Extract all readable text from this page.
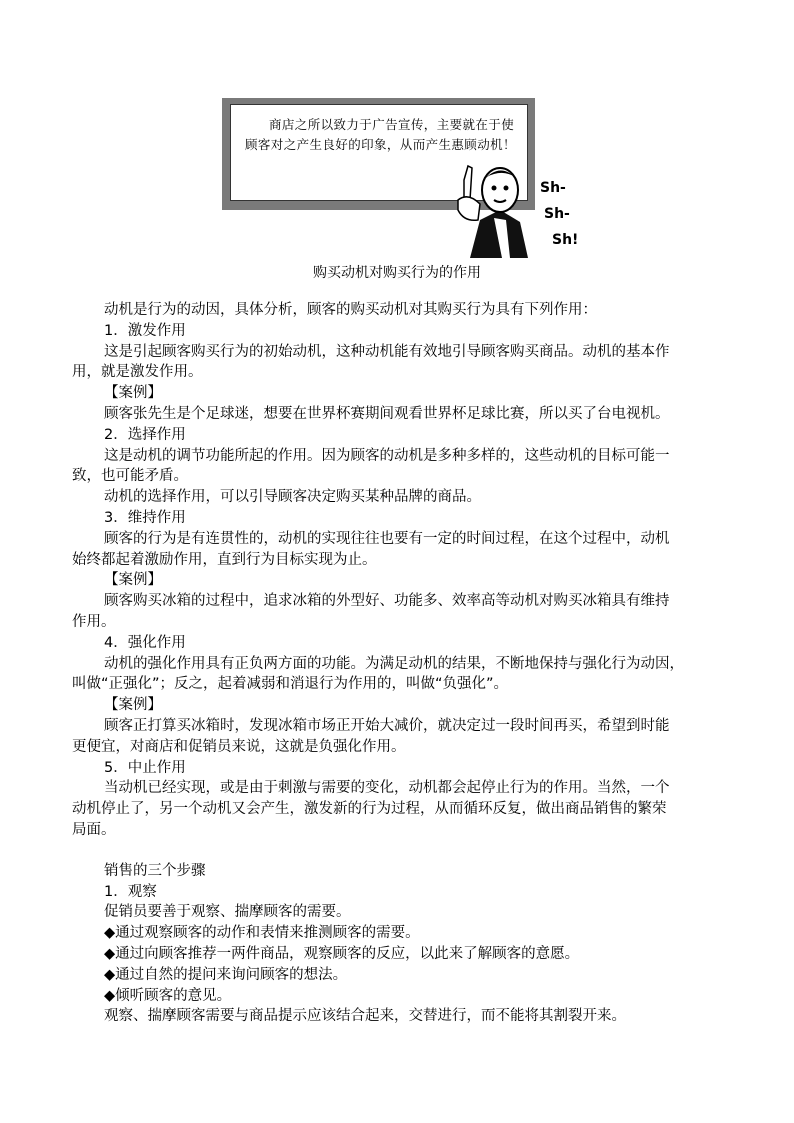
商店之所以致力于广告宣传，主要就在于使顾客对之产生良好的印象，从而产生惠顾动机！
Sh-
Sh-
Sh!
购买动机对购买行为的作用
动机是行为的动因，具体分析，顾客的购买动机对其购买行为具有下列作用：
1．激发作用
这是引起顾客购买行为的初始动机，这种动机能有效地引导顾客购买商品。动机的基本作
用，就是激发作用。
【案例】
顾客张先生是个足球迷，想要在世界杯赛期间观看世界杯足球比赛，所以买了台电视机。
2．选择作用
这是动机的调节功能所起的作用。因为顾客的动机是多种多样的，这些动机的目标可能一
致，也可能矛盾。
动机的选择作用，可以引导顾客决定购买某种品牌的商品。
3．维持作用
顾客的行为是有连贯性的，动机的实现往往也要有一定的时间过程，在这个过程中，动机
始终都起着激励作用，直到行为目标实现为止。
【案例】
顾客购买冰箱的过程中，追求冰箱的外型好、功能多、效率高等动机对购买冰箱具有维持
作用。
4．强化作用
动机的强化作用具有正负两方面的功能。为满足动机的结果，不断地保持与强化行为动因，
叫做“正强化”；反之，起着减弱和消退行为作用的，叫做“负强化”。
【案例】
顾客正打算买冰箱时，发现冰箱市场正开始大减价，就决定过一段时间再买，希望到时能
更便宜，对商店和促销员来说，这就是负强化作用。
5．中止作用
当动机已经实现，或是由于刺激与需要的变化，动机都会起停止行为的作用。当然，一个
动机停止了，另一个动机又会产生，激发新的行为过程，从而循环反复，做出商品销售的繁荣
局面。
销售的三个步骤
1．观察
促销员要善于观察、揣摩顾客的需要。
◆通过观察顾客的动作和表情来推测顾客的需要。
◆通过向顾客推荐一两件商品，观察顾客的反应，以此来了解顾客的意愿。
◆通过自然的提问来询问顾客的想法。
◆倾听顾客的意见。
观察、揣摩顾客需要与商品提示应该结合起来，交替进行，而不能将其割裂开来。
